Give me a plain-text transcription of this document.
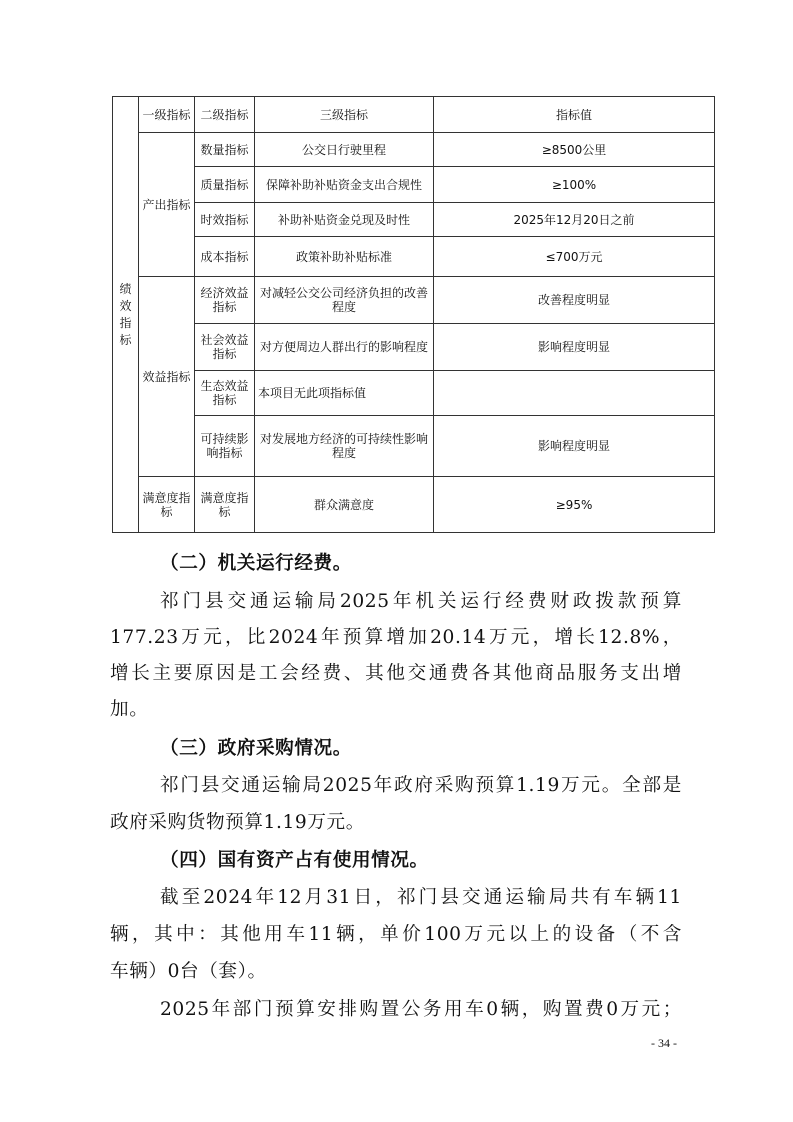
绩效指标	一级指标	二级指标	三级指标	指标值
	产出指标	数量指标	公交日行驶里程	≥8500公里
		质量指标	保障补助补贴资金支出合规性	≥100%
		时效指标	补助补贴资金兑现及时性	2025年12月20日之前
		成本指标	政策补助补贴标准	≤700万元
	效益指标	经济效益指标	对减轻公交公司经济负担的改善程度	改善程度明显
		社会效益指标	对方便周边人群出行的影响程度	影响程度明显
		生态效益指标	本项目无此项指标值	
		可持续影响指标	对发展地方经济的可持续性影响程度	影响程度明显
	满意度指标	满意度指标	群众满意度	≥95%
（二）机关运行经费。
祁门县交通运输局2025年机关运行经费财政拨款预算
177.23万元，比2024年预算增加20.14万元，增长12.8%，
增长主要原因是工会经费、其他交通费各其他商品服务支出增
加。
（三）政府采购情况。
祁门县交通运输局2025年政府采购预算1.19万元。全部是
政府采购货物预算1.19万元。
（四）国有资产占有使用情况。
截至2024年12月31日，祁门县交通运输局共有车辆11
辆，其中：其他用车11辆，单价100万元以上的设备（不含
车辆）0台（套）。
2025年部门预算安排购置公务用车0辆，购置费0万元；
- 34 -
